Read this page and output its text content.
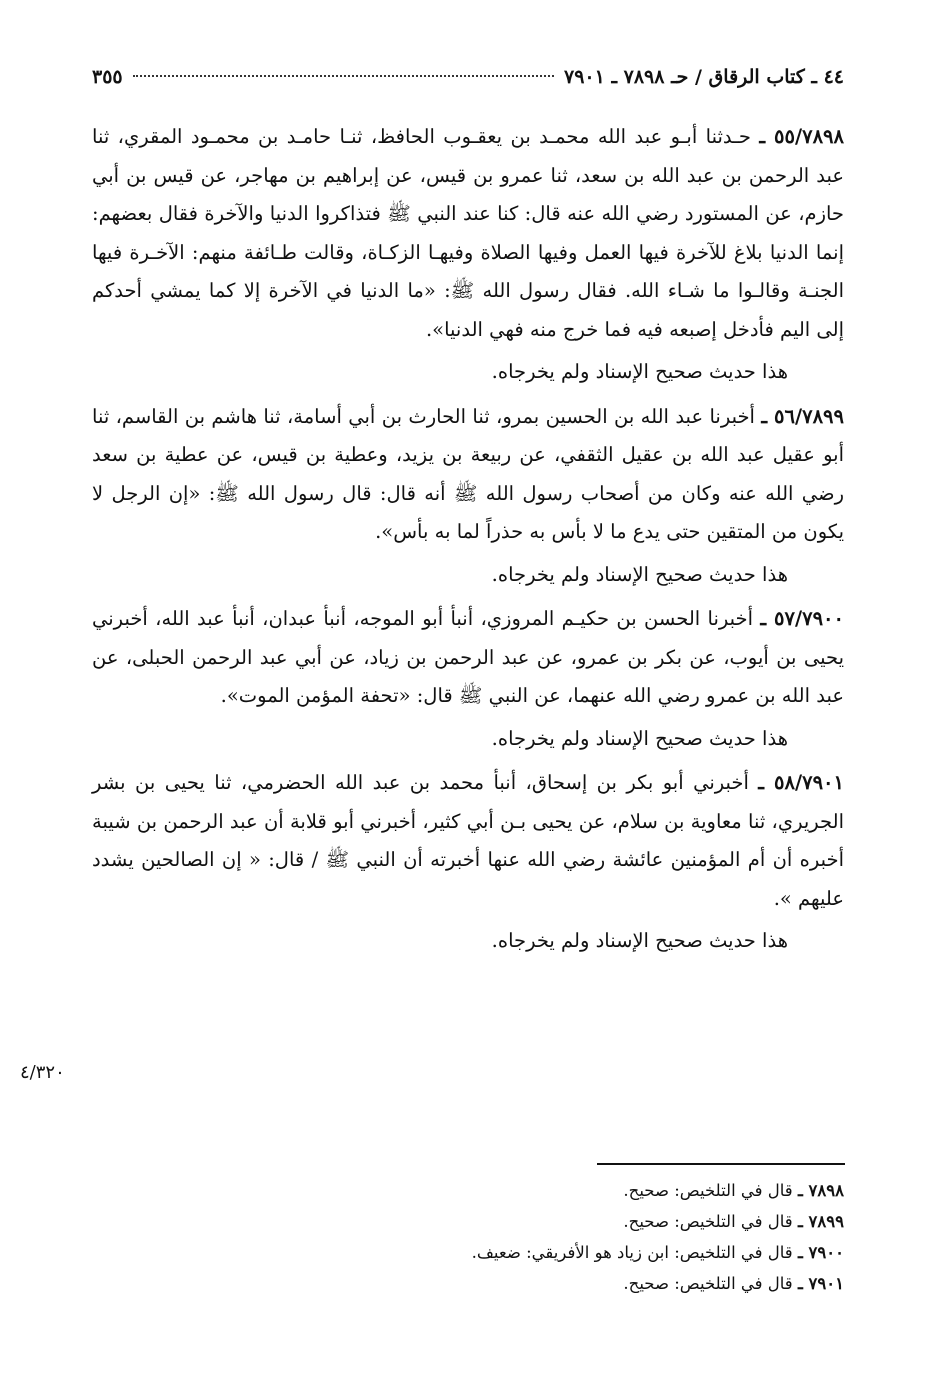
٤٤ ـ كتاب الرقاق / حـ ٧٨٩٨ ـ ٧٩٠١
٣٥٥

٥٥/٧٨٩٨ ـ حـدثنا أبـو عبد الله محمـد بن يعقـوب الحافظ، ثنـا حامـد بن محمـود المقري، ثنا عبد الرحمن بن عبد الله بن سعد، ثنا عمرو بن قيس، عن إبراهيم بن مهاجر، عن قيس بن أبي حازم، عن المستورد رضي الله عنه قال: كنا عند النبي ﷺ فتذاكروا الدنيا والآخرة فقال بعضهم: إنما الدنيا بلاغ للآخرة فيها العمل وفيها الصلاة وفيهـا الزكـاة، وقالت طـائفة منهم: الآخـرة فيها الجنـة وقالـوا ما شـاء الله. فقال رسول الله ﷺ: «ما الدنيا في الآخرة إلا كما يمشي أحدكم إلى اليم فأدخل إصبعه فيه فما خرج منه فهي الدنيا».

هذا حديث صحيح الإسناد ولم يخرجاه.

٥٦/٧٨٩٩ ـ أخبرنا عبد الله بن الحسين بمرو، ثنا الحارث بن أبي أسامة، ثنا هاشم بن القاسم، ثنا أبو عقيل عبد الله بن عقيل الثقفي، عن ربيعة بن يزيد، وعطية بن قيس، عن عطية بن سعد رضي الله عنه وكان من أصحاب رسول الله ﷺ أنه قال: قال رسول الله ﷺ: «إن الرجل لا يكون من المتقين حتى يدع ما لا بأس به حذراً لما به بأس».

هذا حديث صحيح الإسناد ولم يخرجاه.

٥٧/٧٩٠٠ ـ أخبرنا الحسن بن حكيـم المروزي، أنبأ أبو الموجه، أنبأ عبدان، أنبأ عبد الله، أخبرني يحيى بن أيوب، عن بكر بن عمرو، عن عبد الرحمن بن زياد، عن أبي عبد الرحمن الحبلى، عن عبد الله بن عمرو رضي الله عنهما، عن النبي ﷺ قال: «تحفة المؤمن الموت».

هذا حديث صحيح الإسناد ولم يخرجاه.

٥٨/٧٩٠١ ـ أخبرني أبو بكر بن إسحاق، أنبأ محمد بن عبد الله الحضرمي، ثنا يحيى بن بشر الجريري، ثنا معاوية بن سلام، عن يحيى بـن أبي كثير، أخبرني أبو قلابة أن عبد الرحمن بن شيبة أخبره أن أم المؤمنين عائشة رضي الله عنها أخبرته أن النبي ﷺ / قال: « إن الصالحين يشدد عليهم ».

هذا حديث صحيح الإسناد ولم يخرجاه.

٤/٣٢٠

٧٨٩٨ ـ قال في التلخيص: صحيح.

٧٨٩٩ ـ قال في التلخيص: صحيح.

٧٩٠٠ ـ قال في التلخيص: ابن زياد هو الأفريقي: ضعيف.

٧٩٠١ ـ قال في التلخيص: صحيح.
